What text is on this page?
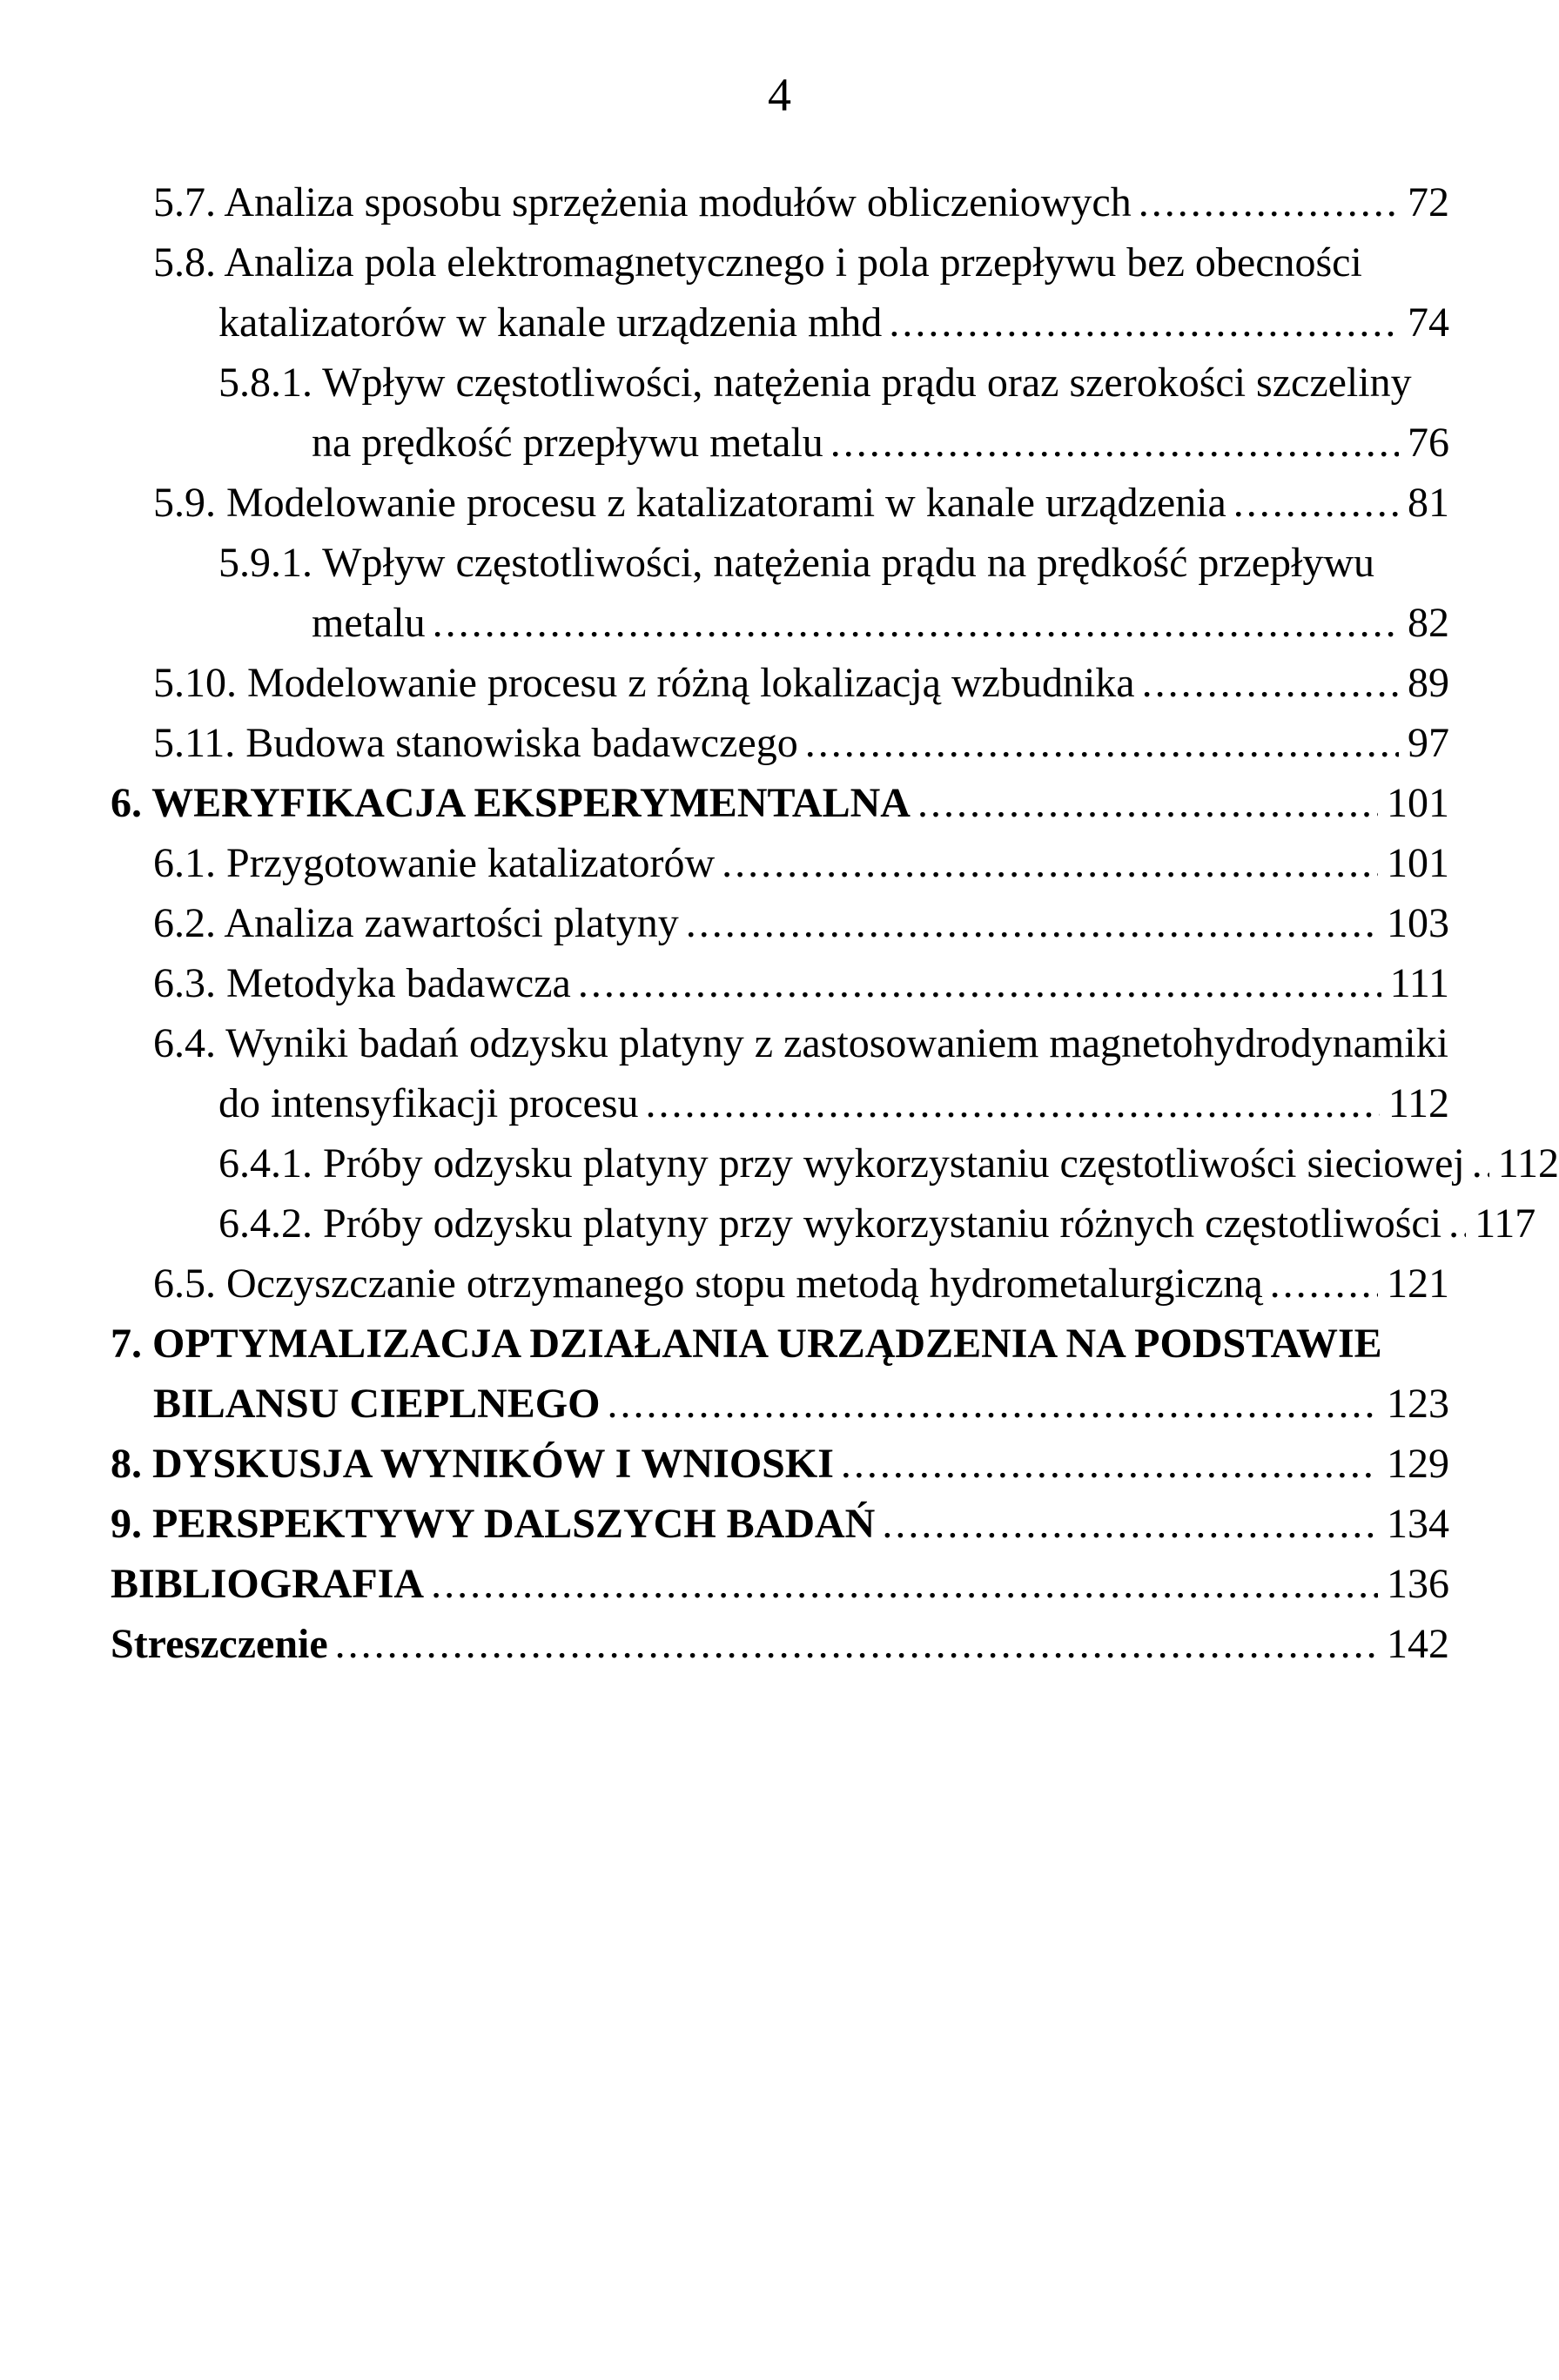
4
5.7. Analiza sposobu sprzężenia modułów obliczeniowych .....	72
5.8. Analiza pola elektromagnetycznego i pola przepływu bez obecności
katalizatorów w kanale urządzenia mhd .....	74
5.8.1. Wpływ częstotliwości, natężenia prądu oraz szerokości szczeliny
na prędkość przepływu metalu .....	76
5.9. Modelowanie procesu z katalizatorami w kanale urządzenia .....	81
5.9.1. Wpływ częstotliwości, natężenia prądu na prędkość przepływu
metalu .....	82
5.10. Modelowanie procesu z różną lokalizacją wzbudnika .....	89
5.11. Budowa stanowiska badawczego .....	97
6. WERYFIKACJA EKSPERYMENTALNA .....	101
6.1. Przygotowanie katalizatorów .....	101
6.2. Analiza zawartości platyny .....	103
6.3. Metodyka badawcza .....	111
6.4. Wyniki badań odzysku platyny z zastosowaniem magnetohydrodynamiki
do intensyfikacji procesu .....	112
6.4.1. Próby odzysku platyny przy wykorzystaniu częstotliwości sieciowej ..... 112
6.4.2. Próby odzysku platyny przy wykorzystaniu różnych częstotliwości ..... 117
6.5. Oczyszczanie otrzymanego stopu metodą hydrometalurgiczną .....	121
7. OPTYMALIZACJA DZIAŁANIA URZĄDZENIA NA PODSTAWIE
BILANSU CIEPLNEGO .....	123
8. DYSKUSJA WYNIKÓW I WNIOSKI .....	129
9. PERSPEKTYWY DALSZYCH BADAŃ .....	134
BIBLIOGRAFIA .....	136
Streszczenie .....	142
